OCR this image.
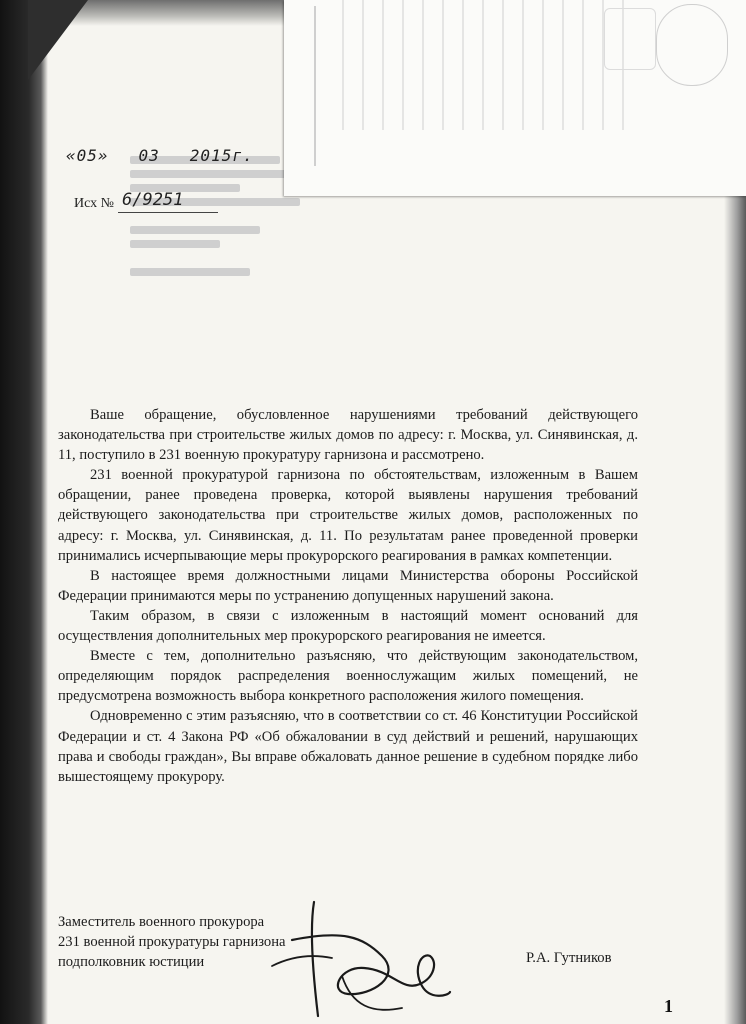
«05» 03 2015г.
Исх № 6/9251

Ваше обращение, обусловленное нарушениями требований действующего законодательства при строительстве жилых домов по адресу: г. Москва, ул. Синявинская, д. 11, поступило в 231 военную прокуратуру гарнизона и рассмотрено.

231 военной прокуратурой гарнизона по обстоятельствам, изложенным в Вашем обращении, ранее проведена проверка, которой выявлены нарушения требований действующего законодательства при строительстве жилых домов, расположенных по адресу: г. Москва, ул. Синявинская, д. 11. По результатам ранее проведенной проверки принимались исчерпывающие меры прокурорского реагирования в рамках компетенции.

В настоящее время должностными лицами Министерства обороны Российской Федерации принимаются меры по устранению допущенных нарушений закона.

Таким образом, в связи с изложенным в настоящий момент оснований для осуществления дополнительных мер прокурорского реагирования не имеется.

Вместе с тем, дополнительно разъясняю, что действующим законодательством, определяющим порядок распределения военнослужащим жилых помещений, не предусмотрена возможность выбора конкретного расположения жилого помещения.

Одновременно с этим разъясняю, что в соответствии со ст. 46 Конституции Российской Федерации и ст. 4 Закона РФ «Об обжаловании в суд действий и решений, нарушающих права и свободы граждан», Вы вправе обжаловать данное решение в судебном порядке либо вышестоящему прокурору.

Заместитель военного прокурора
231 военной прокуратуры гарнизона
подполковник юстиции	Р.А. Гутников
1
